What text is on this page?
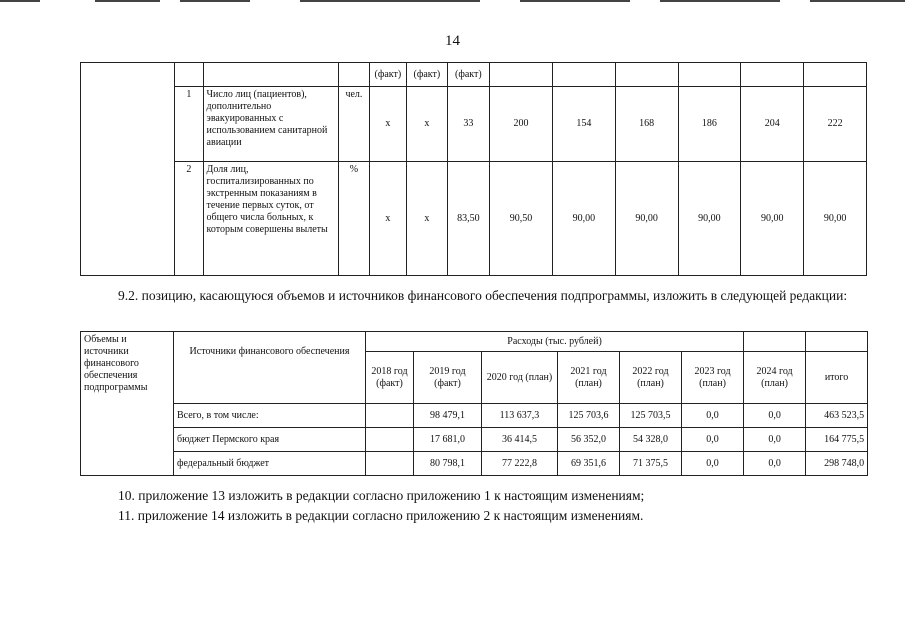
14
				(факт)	(факт)	(факт)						
	1	Число лиц (пациентов), дополнительно эвакуированных с использованием санитарной авиации	чел.	x	x	33	200	154	168	186	204	222
	2	Доля лиц, госпитализированных по экстренным показаниям в течение первых суток, от общего числа больных, к которым совершены вылеты	%	x	x	83,50	90,50	90,00	90,00	90,00	90,00	90,00
9.2. позицию, касающуюся объемов и источников финансового обеспечения подпрограммы, изложить в следующей редакции:
Объемы и источники финансового обеспечения подпрограммы	Источники финансового обеспечения	Расходы (тыс. рублей)							
		2018 год (факт)	2019 год (факт)	2020 год (план)	2021 год (план)	2022 год (план)	2023 год (план)	2024 год (план)	итого
	Всего, в том числе:		98 479,1	113 637,3	125 703,6	125 703,5	0,0	0,0	463 523,5
	бюджет Пермского края		17 681,0	36 414,5	56 352,0	54 328,0	0,0	0,0	164 775,5
	федеральный бюджет		80 798,1	77 222,8	69 351,6	71 375,5	0,0	0,0	298 748,0
10. приложение 13 изложить в редакции согласно приложению 1 к настоящим изменениям;
11. приложение 14 изложить в редакции согласно приложению 2 к настоящим изменениям.
